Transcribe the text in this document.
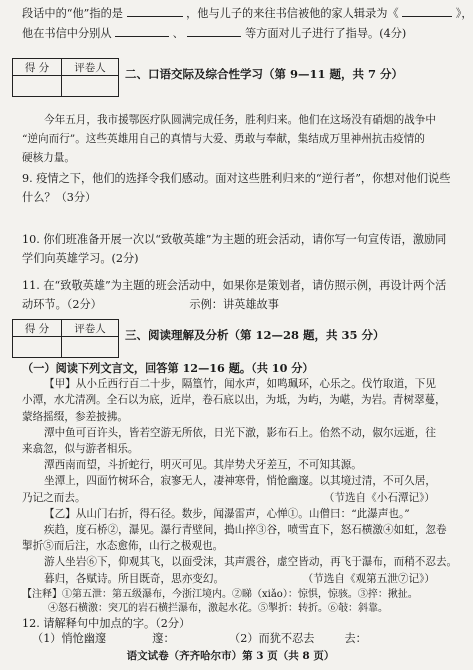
段话中的“他”指的是	，他与儿子的来往书信被他的家人辑录为《	》，
他在书信中分别从	、	等方面对儿子进行了指导。(4分)
得 分	评卷人
	二、口语交际及综合性学习（第 9—11 题，共 7 分）
今年五月，我市援鄂医疗队圆满完成任务，胜利归来。他们在这场没有硝烟的战争中
“逆向而行”。这些英雄用自己的真情与大爱、勇敢与奉献，集结成万里神州抗击疫情的
硬核力量。
9. 疫情之下，他们的选择令我们感动。面对这些胜利归来的“逆行者”，你想对他们说些
什么？（3分）
10. 你们班准备开展一次以“致敬英雄”为主题的班会活动，请你写一句宣传语，激励同
学们向英雄学习。(2分)
11. 在“致敬英雄”为主题的班会活动中，如果你是策划者，请仿照示例，再设计两个活
动环节。（2分）	示例：讲英雄故事
得 分	评卷人
	三、阅读理解及分析（第 12—28 题，共 35 分）
（一）阅读下列文言文，回答第 12—16 题。（共 10 分）
【甲】从小丘西行百二十步，隔篁竹，闻水声，如鸣珮环，心乐之。伐竹取道，下见
小潭，水尤清冽。全石以为底，近岸，卷石底以出，为坻，为屿，为嵁，为岩。青树翠蔓，
蒙络摇缀，参差披拂。
潭中鱼可百许头，皆若空游无所依，日光下澈，影布石上。佁然不动，俶尔远逝，往
来翕忽，似与游者相乐。
潭西南而望，斗折蛇行，明灭可见。其岸势犬牙差互，不可知其源。
坐潭上，四面竹树环合，寂寥无人，凄神寒骨，悄怆幽邃。以其境过清，不可久居，
乃记之而去。	（节选自《小石潭记》）
【乙】从山门右折，得石径。数步，闻瀑雷声，心惮①。山僧曰：“此瀑声也。”
疾趋，度石桥②，瀑见。瀑行青壁间，搗山捽③谷，喷雪直下，怒石横激④如虹，忽卷
掣折⑤而后注，水态愈佈，山行之极观也。
游人坐岩⑥下，仰观其飞，以面受沫，其声震谷，虚空皆动，再飞于瀑布，而稍不忍去。
暮归，各赋诗。所目既奇，思亦变幻。	（节选自《观第五泄⑦记》）
【注释】①第五泄：第五级瀑布，今浙江境内。②睇（xiǎo）：惊惧，惊骇。③捽：揪扯。
④怒石横激：突兀的岩石横拦瀑布，激起水花。⑤掣折：转折。⑥敧：斜靠。
语文试卷（齐齐哈尔市）第 3 页（共 8 页）
12. 请解释句中加点的字。（2分）
（1）悄怆幽邃	邃：	（2）而犹不忍去	去：
